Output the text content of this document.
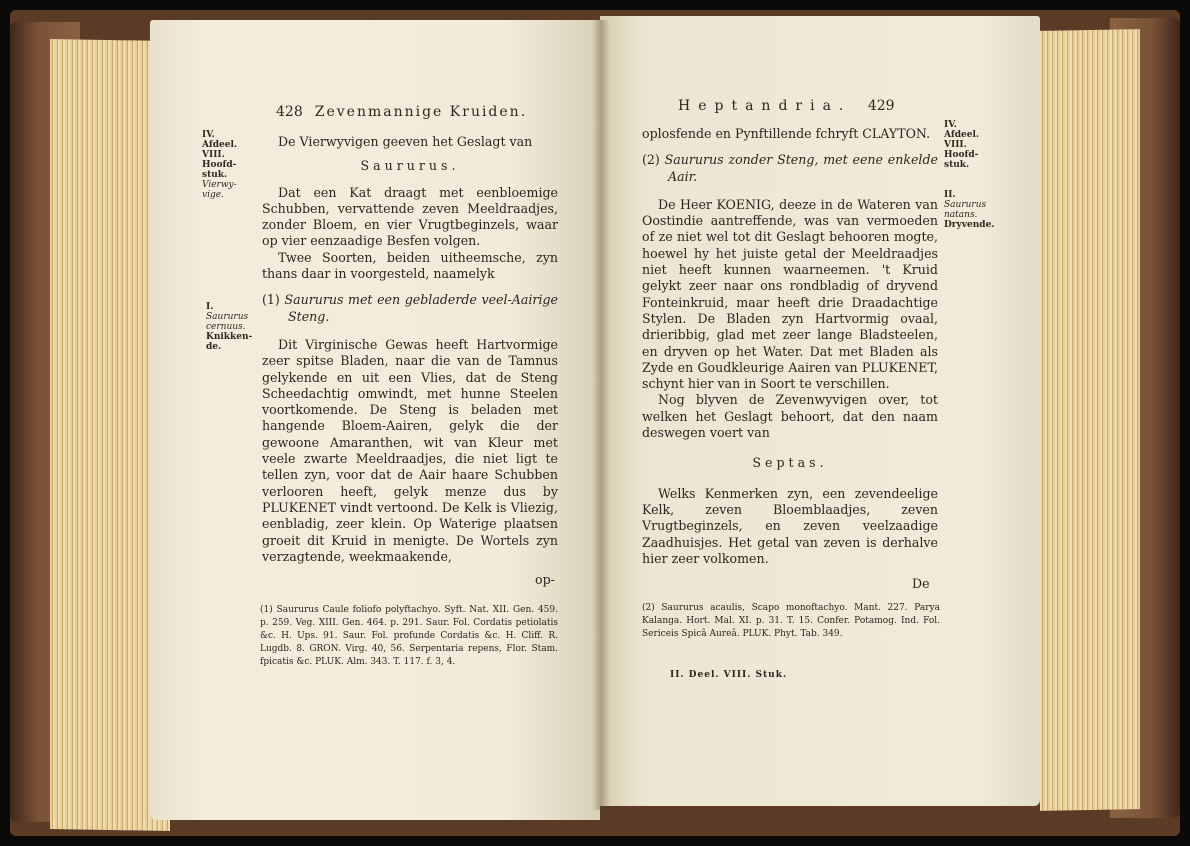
428 Zevenmannige Kruiden.
IV.
Afdeel.
VIII.
Hoofd-
stuk.
Vierwy-
vige.
I.
Saururus
cernuus.
Knikken-
de.

De Vierwyvigen geeven het Geslagt van

Saururus.

Dat een Kat draagt met eenbloemige Schubben, vervattende zeven Meeldraadjes, zonder Bloem, en vier Vrugtbeginzels, waar op vier eenzaadige Besfen volgen.

Twee Soorten, beiden uitheemsche, zyn thans daar in voorgesteld, naamelyk

(1) Saururus met een gebladerde veel-Aairige Steng.

Dit Virginische Gewas heeft Hartvormige zeer spitse Bladen, naar die van de Tamnus gelykende en uit een Vlies, dat de Steng Scheedachtig omwindt, met hunne Steelen voortkomende. De Steng is beladen met hangende Bloem-Aairen, gelyk die der gewoone Amaranthen, wit van Kleur met veele zwarte Meeldraadjes, die niet ligt te tellen zyn, voor dat de Aair haare Schubben verlooren heeft, gelyk menze dus by PLUKENET vindt vertoond. De Kelk is Vliezig, eenbladig, zeer klein. Op Waterige plaatsen groeit dit Kruid in menigte. De Wortels zyn verzagtende, weekmaakende,

op-

(1) Saururus Caule foliofo polyftachyo. Syft. Nat. XII. Gen. 459. p. 259. Veg. XIII. Gen. 464. p. 291. Saur. Fol. Cordatis petiolatis &c. H. Ups. 91. Saur. Fol. profunde Cordatis &c. H. Cliff. R. Lugdb. 8. GRON. Virg. 40, 56. Serpentaria repens, Flor. Stam. fpicatis &c. PLUK. Alm. 343. T. 117. f. 3, 4.

Heptandria. 429
IV.
Afdeel.
VIII.
Hoofd-
stuk.
II.
Saururus
natans.
Dryvende.

oplosfende en Pynftillende fchryft CLAYTON.

(2) Saururus zonder Steng, met eene enkelde Aair.

De Heer KOENIG, deeze in de Wateren van Oostindie aantreffende, was van vermoeden of ze niet wel tot dit Geslagt behooren mogte, hoewel hy het juiste getal der Meeldraadjes niet heeft kunnen waarneemen. 't Kruid gelykt zeer naar ons rondbladig of dryvend Fonteinkruid, maar heeft drie Draadachtige Stylen. De Bladen zyn Hartvormig ovaal, drieribbig, glad met zeer lange Bladsteelen, en dryven op het Water. Dat met Bladen als Zyde en Goudkleurige Aairen van PLUKENET, schynt hier van in Soort te verschillen.

Nog blyven de Zevenwyvigen over, tot welken het Geslagt behoort, dat den naam deswegen voert van

Septas.

Welks Kenmerken zyn, een zevendeelige Kelk, zeven Bloemblaadjes, zeven Vrugtbeginzels, en zeven veelzaadige Zaadhuisjes. Het getal van zeven is derhalve hier zeer volkomen.

De

(2) Saururus acaulis, Scapo monoftachyo. Mant. 227. Parya Kalanga. Hort. Mal. XI. p. 31. T. 15. Confer. Potamog. Ind. Fol. Sericeis Spicâ Aureâ. PLUK. Phyt. Tab. 349.

II. Deel. VIII. Stuk.
